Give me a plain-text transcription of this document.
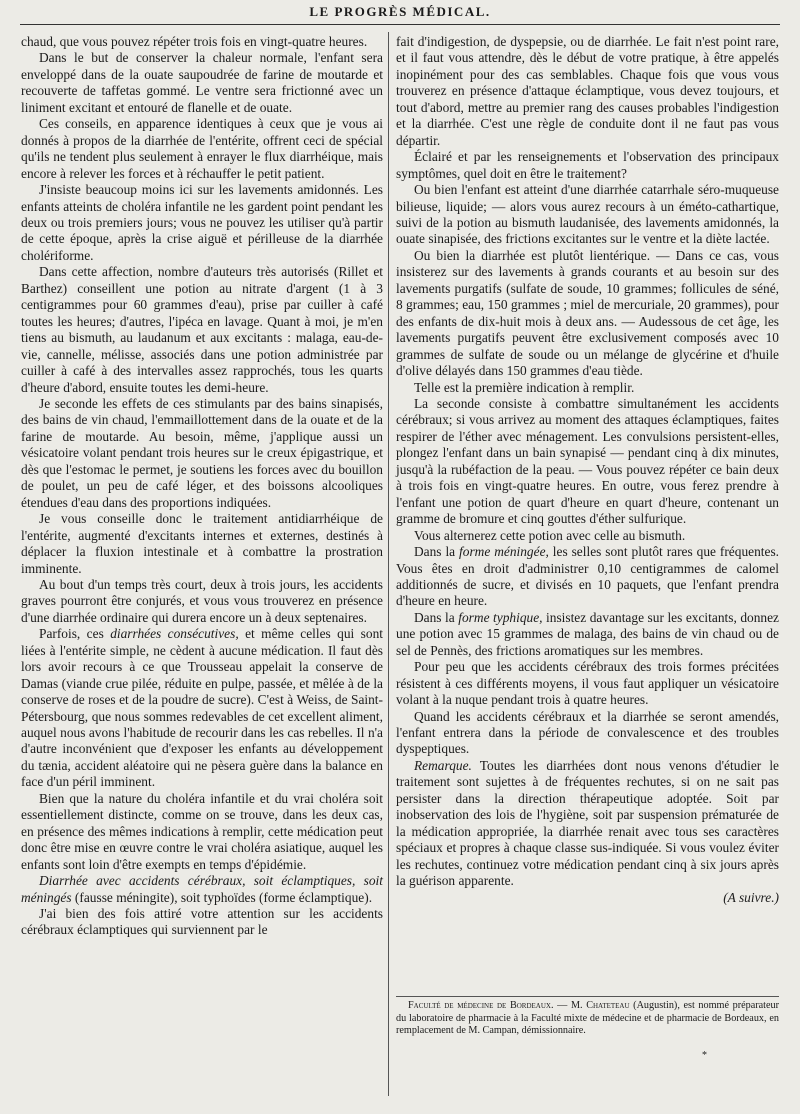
LE PROGRÈS MÉDICAL.

chaud, que vous pouvez répéter trois fois en vingt-quatre heures.

Dans le but de conserver la chaleur normale, l'enfant sera enveloppé dans de la ouate saupoudrée de farine de moutarde et recouverte de taffetas gommé. Le ventre sera frictionné avec un liniment excitant et entouré de flanelle et de ouate.

Ces conseils, en apparence identiques à ceux que je vous ai donnés à propos de la diarrhée de l'entérite, offrent ceci de spécial qu'ils ne tendent plus seulement à enrayer le flux diarrhéique, mais encore à relever les forces et à réchauffer le petit patient.

J'insiste beaucoup moins ici sur les lavements amidonnés. Les enfants atteints de choléra infantile ne les gardent point pendant les deux ou trois premiers jours; vous ne pouvez les utiliser qu'à partir de cette époque, après la crise aiguë et périlleuse de la diarrhée cholériforme.

Dans cette affection, nombre d'auteurs très autorisés (Rillet et Barthez) conseillent une potion au nitrate d'argent (1 à 3 centigrammes pour 60 grammes d'eau), prise par cuiller à café toutes les heures; d'autres, l'ipéca en lavage. Quant à moi, je m'en tiens au bismuth, au laudanum et aux excitants : malaga, eau-de-vie, cannelle, mélisse, associés dans une potion administrée par cuiller à café à des intervalles assez rapprochés, tous les quarts d'heure d'abord, ensuite toutes les demi-heure.

Je seconde les effets de ces stimulants par des bains sinapisés, des bains de vin chaud, l'emmaillottement dans de la ouate et de la farine de moutarde. Au besoin, même, j'applique aussi un vésicatoire volant pendant trois heures sur le creux épigastrique, et dès que l'estomac le permet, je soutiens les forces avec du bouillon de poulet, un peu de café léger, et des boissons alcooliques étendues d'eau dans des proportions indiquées.

Je vous conseille donc le traitement antidiarrhéique de l'entérite, augmenté d'excitants internes et externes, destinés à déplacer la fluxion intestinale et à combattre la prostration imminente.

Au bout d'un temps très court, deux à trois jours, les accidents graves pourront être conjurés, et vous vous trouverez en présence d'une diarrhée ordinaire qui durera encore un à deux septenaires.

Parfois, ces diarrhées consécutives, et même celles qui sont liées à l'entérite simple, ne cèdent à aucune médication. Il faut dès lors avoir recours à ce que Trousseau appelait la conserve de Damas (viande crue pilée, réduite en pulpe, passée, et mêlée à de la conserve de roses et de la poudre de sucre). C'est à Weiss, de Saint-Pétersbourg, que nous sommes redevables de cet excellent aliment, auquel nous avons l'habitude de recourir dans les cas rebelles. Il n'a d'autre inconvénient que d'exposer les enfants au développement du tænia, accident aléatoire qui ne pèsera guère dans la balance en face d'un péril imminent.

Bien que la nature du choléra infantile et du vrai choléra soit essentiellement distincte, comme on se trouve, dans les deux cas, en présence des mêmes indications à remplir, cette médication peut donc être mise en œuvre contre le vrai choléra asiatique, auquel les enfants sont loin d'être exempts en temps d'épidémie.

Diarrhée avec accidents cérébraux, soit éclamptiques, soit méningés (fausse méningite), soit typhoïdes (forme éclamptique).

J'ai bien des fois attiré votre attention sur les accidents cérébraux éclamptiques qui surviennent par le

fait d'indigestion, de dyspepsie, ou de diarrhée. Le fait n'est point rare, et il faut vous attendre, dès le début de votre pratique, à être appelés inopinément pour des cas semblables. Chaque fois que vous vous trouverez en présence d'attaque éclamptique, vous devez toujours, et tout d'abord, mettre au premier rang des causes probables l'indigestion et la diarrhée. C'est une règle de conduite dont il ne faut pas vous départir.

Éclairé et par les renseignements et l'observation des principaux symptômes, quel doit en être le traitement?

Ou bien l'enfant est atteint d'une diarrhée catarrhale séro-muqueuse bilieuse, liquide; — alors vous aurez recours à un éméto-cathartique, suivi de la potion au bismuth laudanisée, des lavements amidonnés, la ouate sinapisée, des frictions excitantes sur le ventre et la diète lactée.

Ou bien la diarrhée est plutôt lientérique. — Dans ce cas, vous insisterez sur des lavements à grands courants et au besoin sur des lavements purgatifs (sulfate de soude, 10 grammes; follicules de séné, 8 grammes; eau, 150 grammes ; miel de mercuriale, 20 grammes), pour des enfants de dix-huit mois à deux ans. — Audessous de cet âge, les lavements purgatifs peuvent être exclusivement composés avec 10 grammes de sulfate de soude ou un mélange de glycérine et d'huile d'olive délayés dans 150 grammes d'eau tiède.

Telle est la première indication à remplir.

La seconde consiste à combattre simultanément les accidents cérébraux; si vous arrivez au moment des attaques éclamptiques, faites respirer de l'éther avec ménagement. Les convulsions persistent-elles, plongez l'enfant dans un bain synapisé — pendant cinq à dix minutes, jusqu'à la rubéfaction de la peau. — Vous pouvez répéter ce bain deux à trois fois en vingt-quatre heures. En outre, vous ferez prendre à l'enfant une potion de quart d'heure en quart d'heure, contenant un gramme de bromure et cinq gouttes d'éther sulfurique.

Vous alternerez cette potion avec celle au bismuth.

Dans la forme méningée, les selles sont plutôt rares que fréquentes. Vous êtes en droit d'administrer 0,10 centigrammes de calomel additionnés de sucre, et divisés en 10 paquets, que l'enfant prendra d'heure en heure.

Dans la forme typhique, insistez davantage sur les excitants, donnez une potion avec 15 grammes de malaga, des bains de vin chaud ou de sel de Pennès, des frictions aromatiques sur les membres.

Pour peu que les accidents cérébraux des trois formes précitées résistent à ces différents moyens, il vous faut appliquer un vésicatoire volant à la nuque pendant trois à quatre heures.

Quand les accidents cérébraux et la diarrhée se seront amendés, l'enfant entrera dans la période de convalescence et des troubles dyspeptiques.

Remarque. Toutes les diarrhées dont nous venons d'étudier le traitement sont sujettes à de fréquentes rechutes, si on ne sait pas persister dans la direction thérapeutique adoptée. Soit par inobservation des lois de l'hygiène, soit par suspension prématurée de la médication appropriée, la diarrhée renait avec tous ses caractères spéciaux et propres à chaque classe sus-indiquée. Si vous voulez éviter les rechutes, continuez votre médication pendant cinq à six jours après la guérison apparente.

(A suivre.)

Faculté de médecine de Bordeaux. — M. Chateteau (Augustin), est nommé préparateur du laboratoire de pharmacie à la Faculté mixte de médecine et de pharmacie de Bordeaux, en remplacement de M. Campan, démissionnaire.

*
